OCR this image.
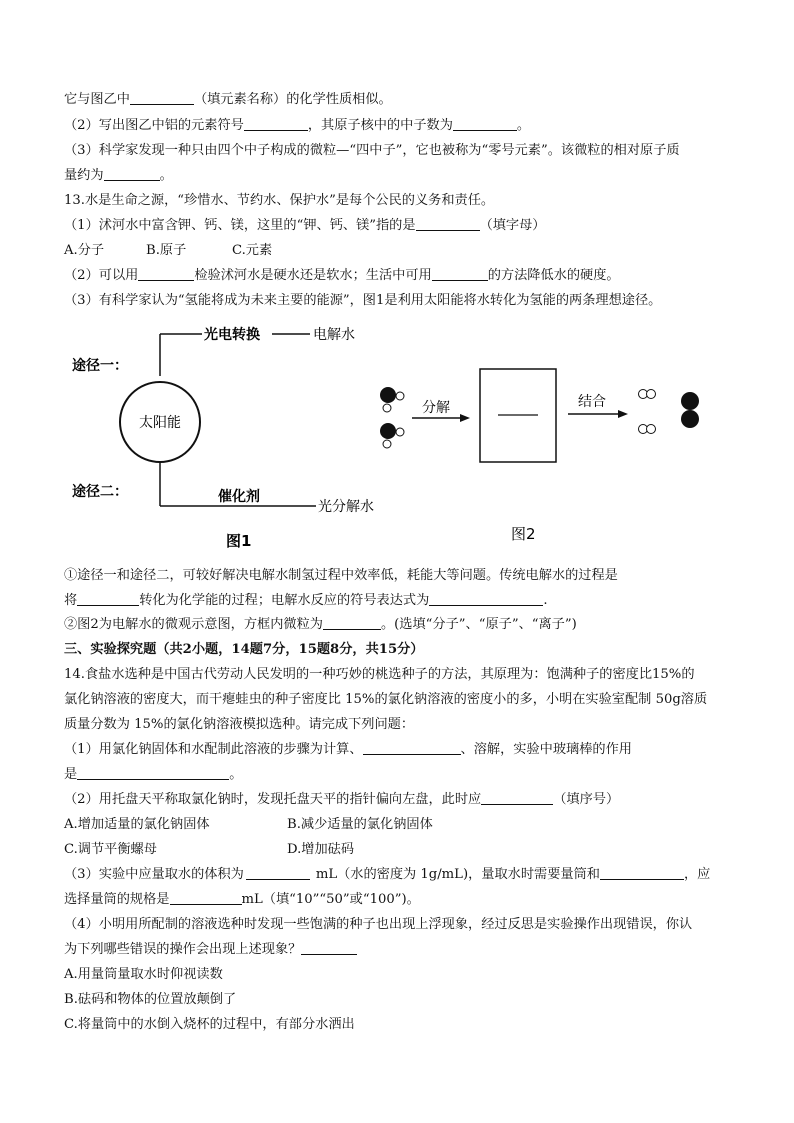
它与图乙中	（填元素名称）的化学性质相似。
（2）写出图乙中铝的元素符号	，其原子核中的中子数为	。
（3）科学家发现一种只由四个中子构成的微粒—“四中子”，它也被称为“零号元素”。该微粒的相对原子质
量约为	。
13.水是生命之源，“珍惜水、节约水、保护水”是每个公民的义务和责任。
（1）沭河水中富含钾、钙、镁，这里的“钾、钙、镁”指的是	（填字母）
A.分子	B.原子	C.元素
（2）可以用	检验沭河水是硬水还是软水；生活中可用	的方法降低水的硬度。
（3）有科学家认为“氢能将成为未来主要的能源”，图1是利用太阳能将水转化为氢能的两条理想途径。
途径一：
途径二：
光电转换	电解水
太阳能
催化剂
光分解水
图1
分解	结合
图2
①途径一和途径二，可较好解决电解水制氢过程中效率低，耗能大等问题。传统电解水的过程是
将	转化为化学能的过程；电解水反应的符号表达式为	.
②图2为电解水的微观示意图，方框内微粒为	。(选填“分子”、“原子”、“离子”)
三、实验探究题（共2小题，14题7分，15题8分，共15分）
14.食盐水选种是中国古代劳动人民发明的一种巧妙的桃选种子的方法，其原理为：饱满种子的密度比15%的
氯化钠溶液的密度大，而干瘪蛙虫的种子密度比 15%的氯化钠溶液的密度小的多，小明在实验室配制 50g溶质
质量分数为 15%的氯化钠溶液模拟选种。请完成下列问题：
（1）用氯化钠固体和水配制此溶液的步骤为计算、	、溶解，实验中玻璃棒的作用
是	。
（2）用托盘天平称取氯化钠时，发现托盘天平的指针偏向左盘，此时应	（填序号）
A.增加适量的氯化钠固体	B.减少适量的氯化钠固体
C.调节平衡螺母	D.增加砝码
（3）实验中应量取水的体积为	mL（水的密度为 1g/mL)，量取水时需要量筒和	，应
选择量筒的规格是	mL（填“10”“50”或“100”)。
（4）小明用所配制的溶液选种时发现一些饱满的种子也出现上浮现象，经过反思是实验操作出现错误，你认
为下列哪些错误的操作会出现上述现象？
A.用量筒量取水时仰视读数
B.砝码和物体的位置放颠倒了
C.将量筒中的水倒入烧杯的过程中，有部分水洒出
